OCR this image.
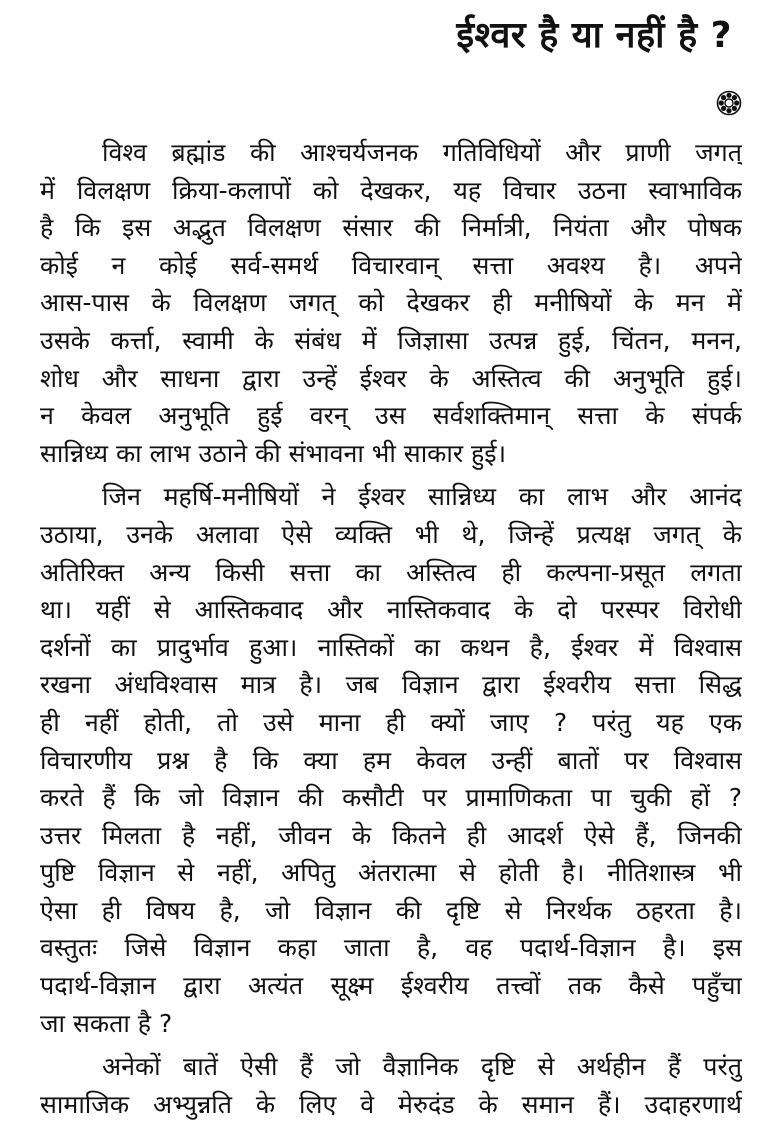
ईश्वर है या नहीं है ?
विश्व ब्रह्मांड की आश्चर्यजनक गतिविधियों और प्राणी जगत्
में विलक्षण क्रिया-कलापों को देखकर, यह विचार उठना स्वाभाविक
है कि इस अद्भुत विलक्षण संसार की निर्मात्री, नियंता और पोषक
कोई न कोई सर्व-समर्थ विचारवान् सत्ता अवश्य है। अपने
आस-पास के विलक्षण जगत् को देखकर ही मनीषियों के मन में
उसके कर्त्ता, स्वामी के संबंध में जिज्ञासा उत्पन्न हुई, चिंतन, मनन,
शोध और साधना द्वारा उन्हें ईश्वर के अस्तित्व की अनुभूति हुई।
न केवल अनुभूति हुई वरन् उस सर्वशक्तिमान् सत्ता के संपर्क
सान्निध्य का लाभ उठाने की संभावना भी साकार हुई।
जिन महर्षि-मनीषियों ने ईश्वर सान्निध्य का लाभ और आनंद
उठाया, उनके अलावा ऐसे व्यक्ति भी थे, जिन्हें प्रत्यक्ष जगत् के
अतिरिक्त अन्य किसी सत्ता का अस्तित्व ही कल्पना-प्रसूत लगता
था। यहीं से आस्तिकवाद और नास्तिकवाद के दो परस्पर विरोधी
दर्शनों का प्रादुर्भाव हुआ। नास्तिकों का कथन है, ईश्वर में विश्वास
रखना अंधविश्वास मात्र है। जब विज्ञान द्वारा ईश्वरीय सत्ता सिद्ध
ही नहीं होती, तो उसे माना ही क्यों जाए ? परंतु यह एक
विचारणीय प्रश्न है कि क्या हम केवल उन्हीं बातों पर विश्वास
करते हैं कि जो विज्ञान की कसौटी पर प्रामाणिकता पा चुकी हों ?
उत्तर मिलता है नहीं, जीवन के कितने ही आदर्श ऐसे हैं, जिनकी
पुष्टि विज्ञान से नहीं, अपितु अंतरात्मा से होती है। नीतिशास्त्र भी
ऐसा ही विषय है, जो विज्ञान की दृष्टि से निरर्थक ठहरता है।
वस्तुतः जिसे विज्ञान कहा जाता है, वह पदार्थ-विज्ञान है। इस
पदार्थ-विज्ञान द्वारा अत्यंत सूक्ष्म ईश्वरीय तत्त्वों तक कैसे पहुँचा
जा सकता है ?
अनेकों बातें ऐसी हैं जो वैज्ञानिक दृष्टि से अर्थहीन हैं परंतु
सामाजिक अभ्युन्नति के लिए वे मेरुदंड के समान हैं। उदाहरणार्थ
